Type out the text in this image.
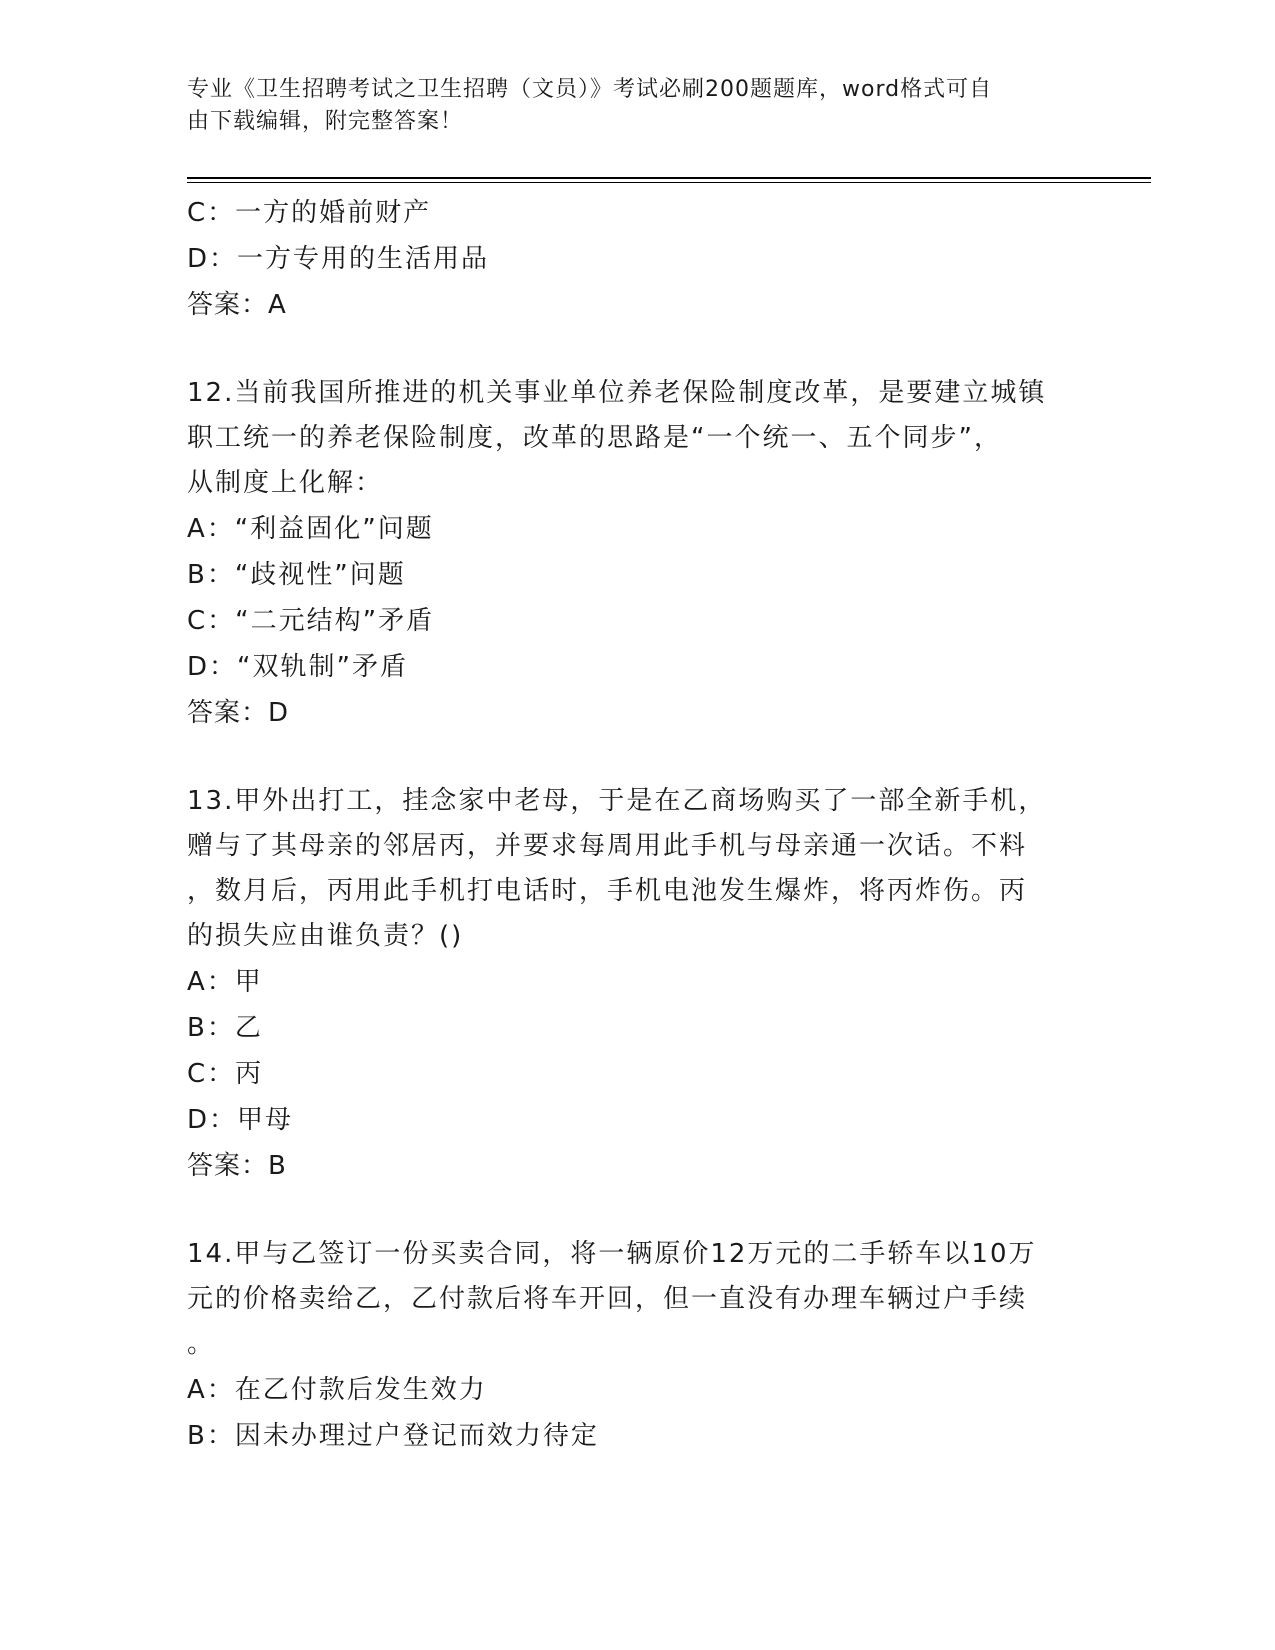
专业《卫生招聘考试之卫生招聘（文员）》考试必刷200题题库，word格式可自
由下载编辑，附完整答案！
C：一方的婚前财产
D：一方专用的生活用品
答案：A
12.当前我国所推进的机关事业单位养老保险制度改革，是要建立城镇
职工统一的养老保险制度，改革的思路是“一个统一、五个同步”，
从制度上化解：
A：“利益固化”问题
B：“歧视性”问题
C：“二元结构”矛盾
D：“双轨制”矛盾
答案：D
13.甲外出打工，挂念家中老母，于是在乙商场购买了一部全新手机，
赠与了其母亲的邻居丙，并要求每周用此手机与母亲通一次话。不料
，数月后，丙用此手机打电话时，手机电池发生爆炸，将丙炸伤。丙
的损失应由谁负责？()
A：甲
B：乙
C：丙
D：甲母
答案：B
14.甲与乙签订一份买卖合同，将一辆原价12万元的二手轿车以10万
元的价格卖给乙，乙付款后将车开回，但一直没有办理车辆过户手续
。
A：在乙付款后发生效力
B：因未办理过户登记而效力待定
